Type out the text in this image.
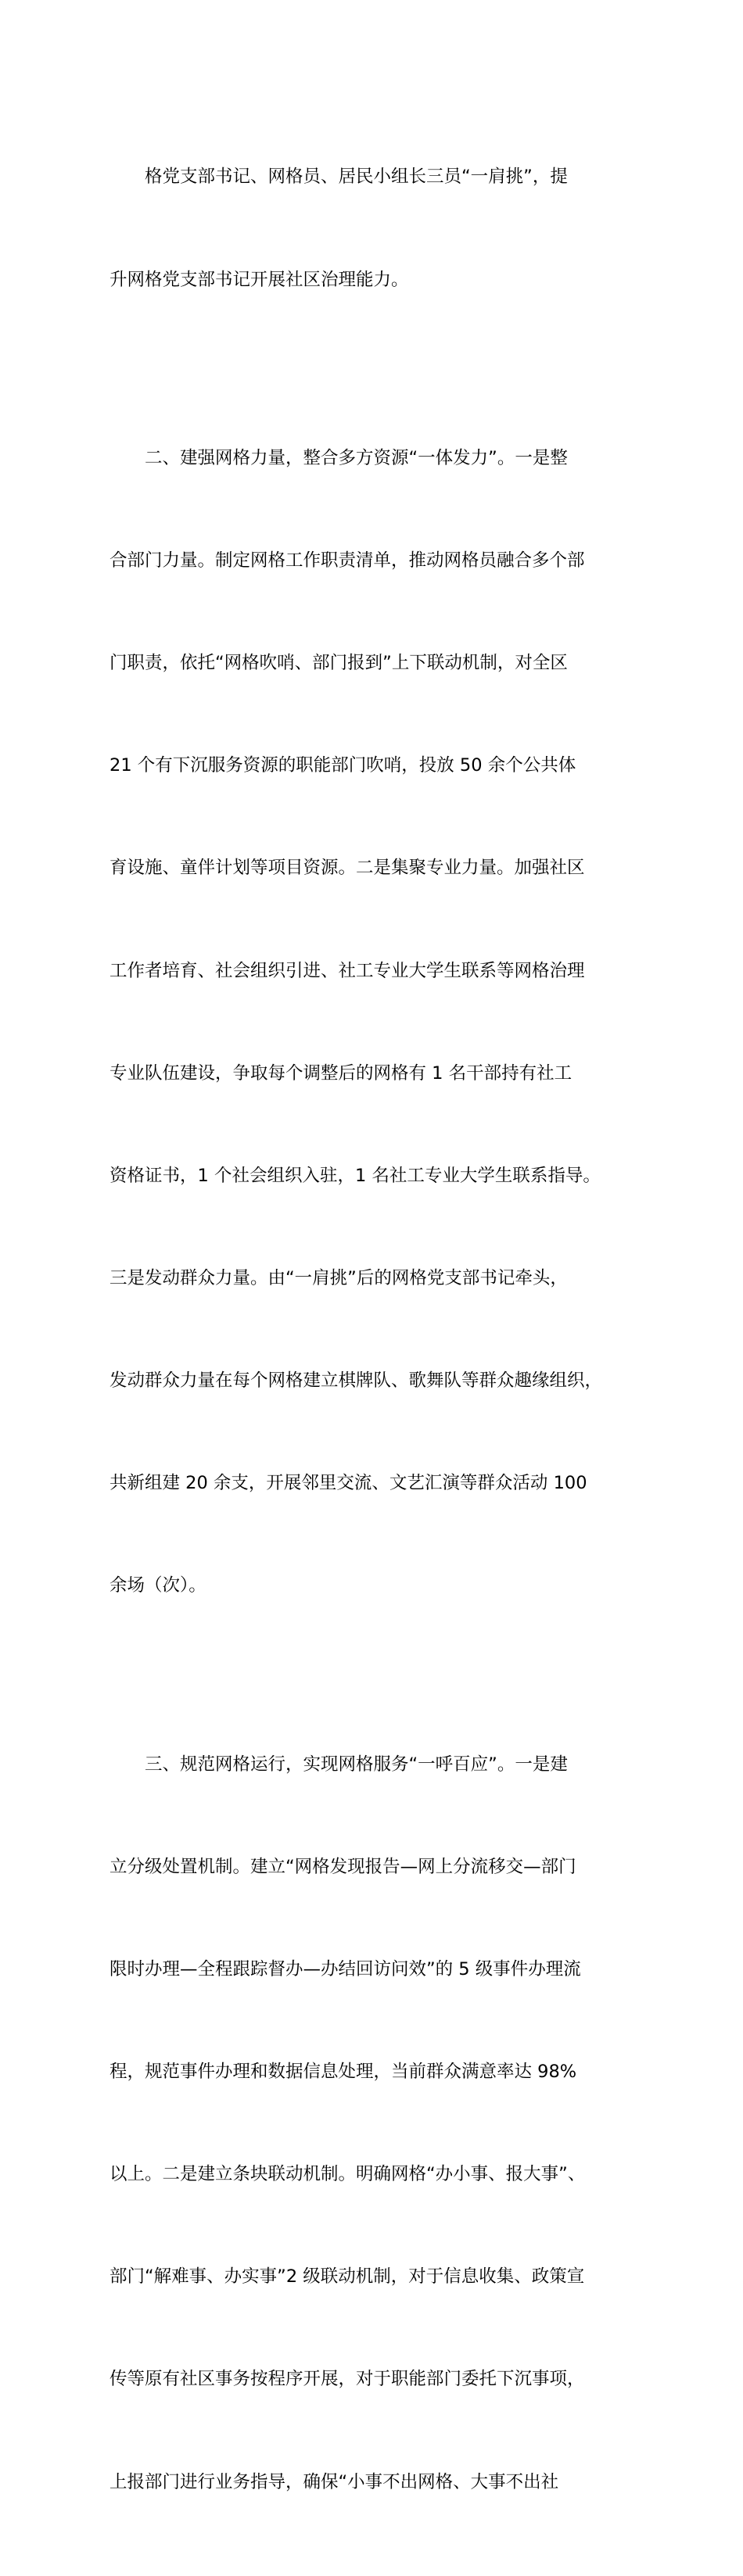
格党支部书记、网格员、居民小组长三员“一肩挑”，提

升网格党支部书记开展社区治理能力。

二、建强网格力量，整合多方资源“一体发力”。一是整

合部门力量。制定网格工作职责清单，推动网格员融合多个部

门职责，依托“网格吹哨、部门报到”上下联动机制，对全区

21 个有下沉服务资源的职能部门吹哨，投放 50 余个公共体

育设施、童伴计划等项目资源。二是集聚专业力量。加强社区

工作者培育、社会组织引进、社工专业大学生联系等网格治理

专业队伍建设，争取每个调整后的网格有 1 名干部持有社工

资格证书，1 个社会组织入驻，1 名社工专业大学生联系指导。

三是发动群众力量。由“一肩挑”后的网格党支部书记牵头，

发动群众力量在每个网格建立棋牌队、歌舞队等群众趣缘组织，

共新组建 20 余支，开展邻里交流、文艺汇演等群众活动 100

余场（次）。

三、规范网格运行，实现网格服务“一呼百应”。一是建

立分级处置机制。建立“网格发现报告—网上分流移交—部门

限时办理—全程跟踪督办—办结回访问效”的 5 级事件办理流

程，规范事件办理和数据信息处理，当前群众满意率达 98%

以上。二是建立条块联动机制。明确网格“办小事、报大事”、

部门“解难事、办实事”2 级联动机制，对于信息收集、政策宣

传等原有社区事务按程序开展，对于职能部门委托下沉事项，

上报部门进行业务指导，确保“小事不出网格、大事不出社
